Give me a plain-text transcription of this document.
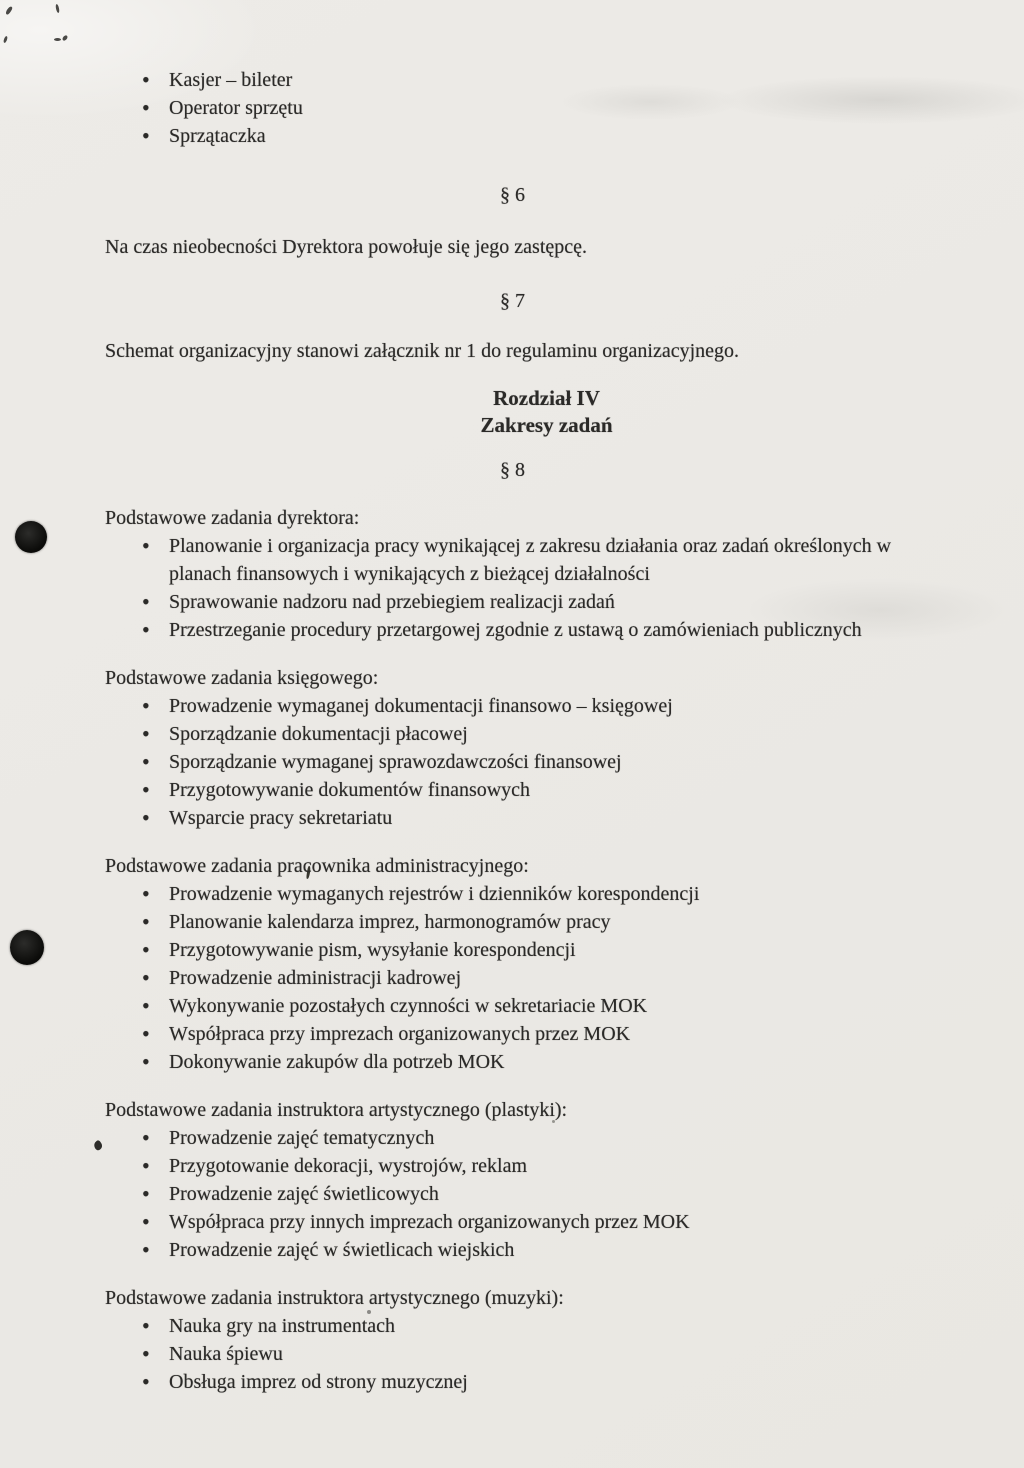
• Kasjer – bileter
• Operator sprzętu
• Sprzątaczka

§ 6

Na czas nieobecności Dyrektora powołuje się jego zastępcę.

§ 7

Schemat organizacyjny stanowi załącznik nr 1 do regulaminu organizacyjnego.

Rozdział IV
Zakresy zadań

§ 8

Podstawowe zadania dyrektora:

• Planowanie i organizacja pracy wynikającej z zakresu działania oraz zadań określonych w planach finansowych i wynikających z bieżącej działalności
• Sprawowanie nadzoru nad przebiegiem realizacji zadań
• Przestrzeganie procedury przetargowej zgodnie z ustawą o zamówieniach publicznych

Podstawowe zadania księgowego:

• Prowadzenie wymaganej dokumentacji finansowo – księgowej
• Sporządzanie dokumentacji płacowej
• Sporządzanie wymaganej sprawozdawczości finansowej
• Przygotowywanie dokumentów finansowych
• Wsparcie pracy sekretariatu

Podstawowe zadania pracownika administracyjnego:

• Prowadzenie wymaganych rejestrów i dzienników korespondencji
• Planowanie kalendarza imprez, harmonogramów pracy
• Przygotowywanie pism, wysyłanie korespondencji
• Prowadzenie administracji kadrowej
• Wykonywanie pozostałych czynności w sekretariacie MOK
• Współpraca przy imprezach organizowanych przez MOK
• Dokonywanie zakupów dla potrzeb MOK

Podstawowe zadania instruktora artystycznego (plastyki):

• Prowadzenie zajęć tematycznych
• Przygotowanie dekoracji, wystrojów, reklam
• Prowadzenie zajęć świetlicowych
• Współpraca przy innych imprezach organizowanych przez MOK
• Prowadzenie zajęć w świetlicach wiejskich

Podstawowe zadania instruktora artystycznego (muzyki):

• Nauka gry na instrumentach
• Nauka śpiewu
• Obsługa imprez od strony muzycznej
